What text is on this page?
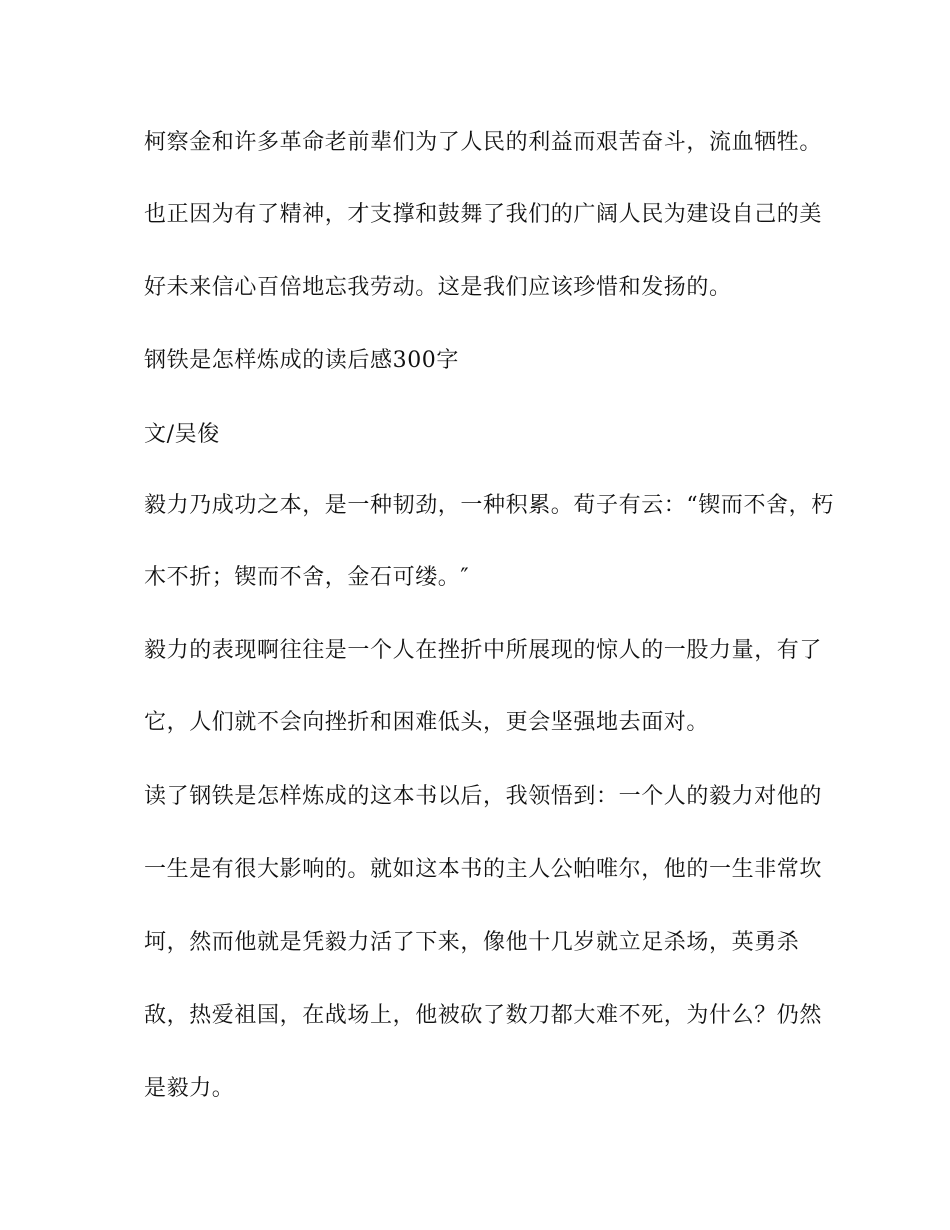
柯察金和许多革命老前辈们为了人民的利益而艰苦奋斗，流血牺牲。
也正因为有了精神，才支撑和鼓舞了我们的广阔人民为建设自己的美
好未来信心百倍地忘我劳动。这是我们应该珍惜和发扬的。
钢铁是怎样炼成的读后感300字
文/吴俊
毅力乃成功之本，是一种韧劲，一种积累。荀子有云：“锲而不舍，朽
木不折；锲而不舍，金石可缕。″
毅力的表现啊往往是一个人在挫折中所展现的惊人的一股力量，有了
它，人们就不会向挫折和困难低头，更会坚强地去面对。
读了钢铁是怎样炼成的这本书以后，我领悟到：一个人的毅力对他的
一生是有很大影响的。就如这本书的主人公帕唯尔，他的一生非常坎
坷，然而他就是凭毅力活了下来，像他十几岁就立足杀场，英勇杀
敌，热爱祖国，在战场上，他被砍了数刀都大难不死，为什么？仍然
是毅力。
